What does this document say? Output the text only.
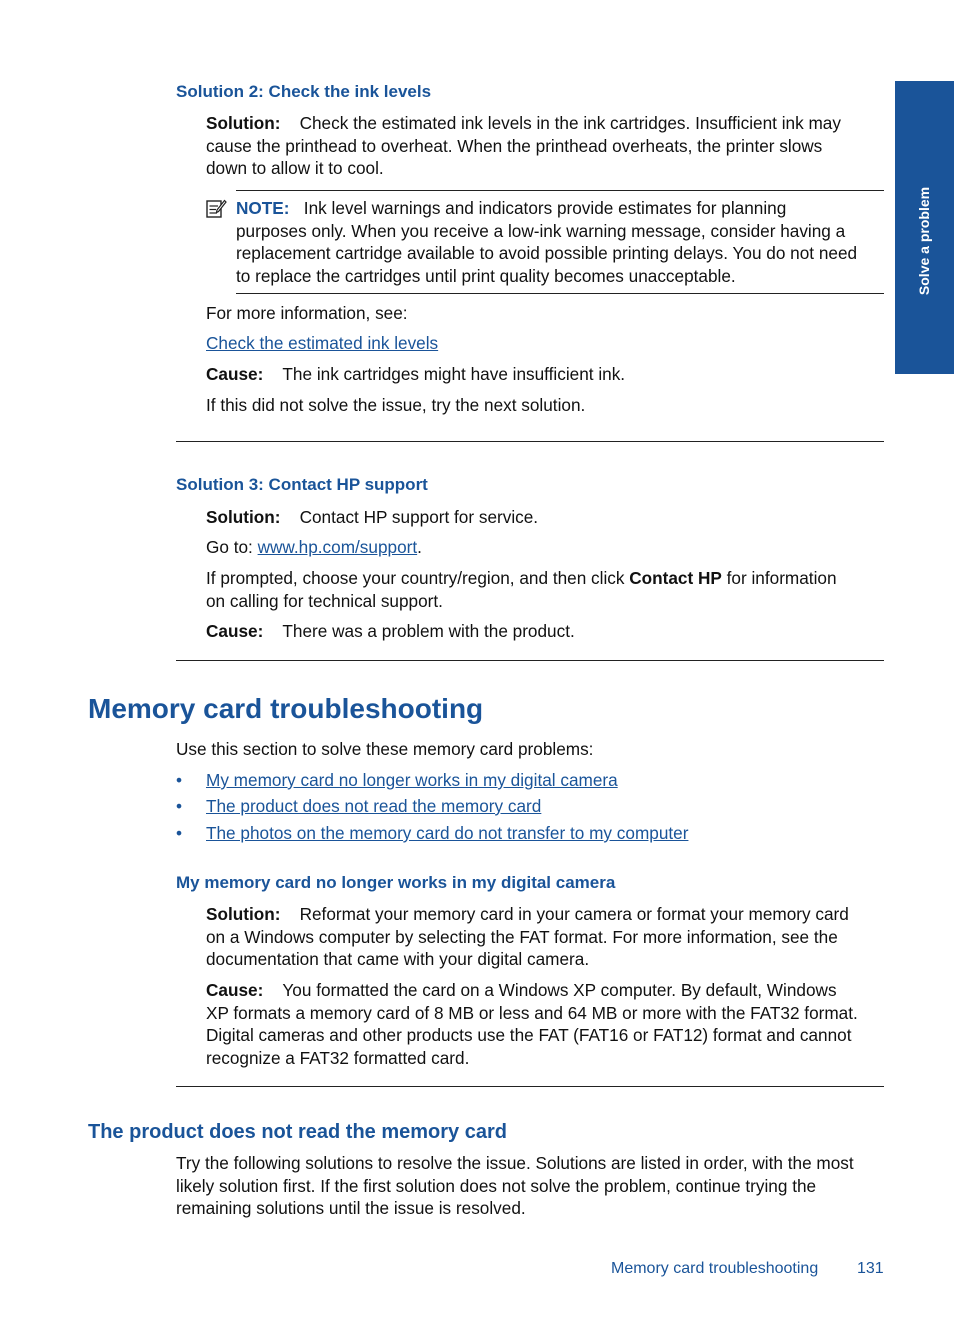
Solve a problem
Solution 2: Check the ink levels
Solution: Check the estimated ink levels in the ink cartridges. Insufficient ink may
cause the printhead to overheat. When the printhead overheats, the printer slows
down to allow it to cool.
NOTE: Ink level warnings and indicators provide estimates for planning
purposes only. When you receive a low-ink warning message, consider having a
replacement cartridge available to avoid possible printing delays. You do not need
to replace the cartridges until print quality becomes unacceptable.
For more information, see:
Check the estimated ink levels
Cause: The ink cartridges might have insufficient ink.
If this did not solve the issue, try the next solution.
Solution 3: Contact HP support
Solution: Contact HP support for service.
Go to: www.hp.com/support.
If prompted, choose your country/region, and then click Contact HP for information
on calling for technical support.
Cause: There was a problem with the product.
Memory card troubleshooting
Use this section to solve these memory card problems:
• My memory card no longer works in my digital camera
• The product does not read the memory card
• The photos on the memory card do not transfer to my computer
My memory card no longer works in my digital camera
Solution: Reformat your memory card in your camera or format your memory card
on a Windows computer by selecting the FAT format. For more information, see the
documentation that came with your digital camera.
Cause: You formatted the card on a Windows XP computer. By default, Windows
XP formats a memory card of 8 MB or less and 64 MB or more with the FAT32 format.
Digital cameras and other products use the FAT (FAT16 or FAT12) format and cannot
recognize a FAT32 formatted card.
The product does not read the memory card
Try the following solutions to resolve the issue. Solutions are listed in order, with the most
likely solution first. If the first solution does not solve the problem, continue trying the
remaining solutions until the issue is resolved.
Memory card troubleshooting 131
